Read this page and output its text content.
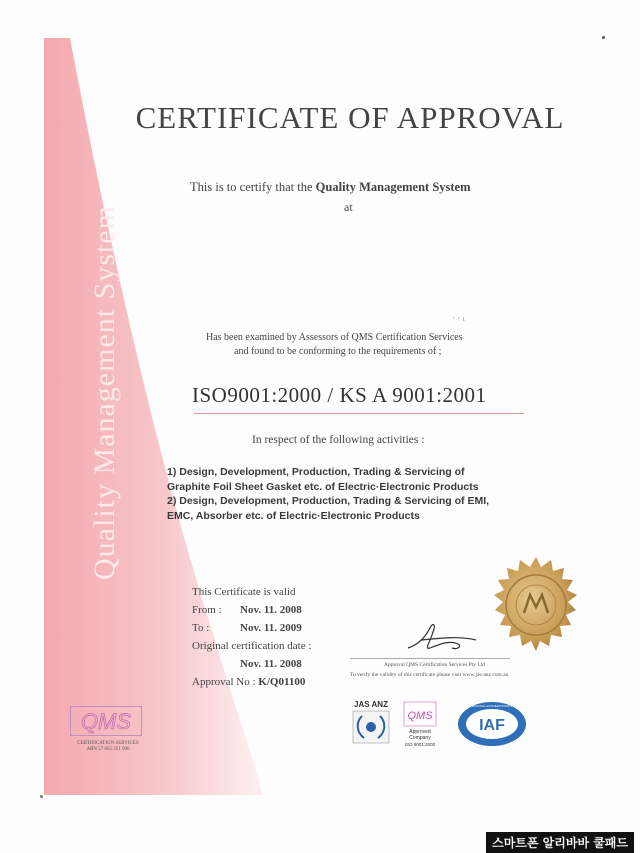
Quality Management System
CERTIFICATE OF APPROVAL
This is to certify that the Quality Management System
at
· · ₜ
Has been examined by Assessors of QMS Certification Services
and found to be conforming to the requirements of ;
ISO9001:2000 / KS A 9001:2001
In respect of the following activities :
1) Design, Development, Production, Trading & Servicing of
Graphite Foil Sheet Gasket etc. of Electric·Electronic Products
2) Design, Development, Production, Trading & Servicing of EMI,
EMC, Absorber etc. of Electric·Electronic Products
This Certificate is valid
From : Nov. 11. 2008
To :	Nov. 11. 2009
Original certification date :
Nov. 11. 2008
Approval No : K/Q01100
Approval QMS Certification Services Pty Ltd
To verify the validity of this certificate please visit www.jas-anz.com.au
QMS
CERTIFICATION SERVICES
ABN 57 065 251 096
JAS ANZ
QMS
Approved
Company
ISO 9001:2000
IAF
INTERNATIONAL ACCREDITATION FORUM
스마트폰 알리바바 쿨패드
